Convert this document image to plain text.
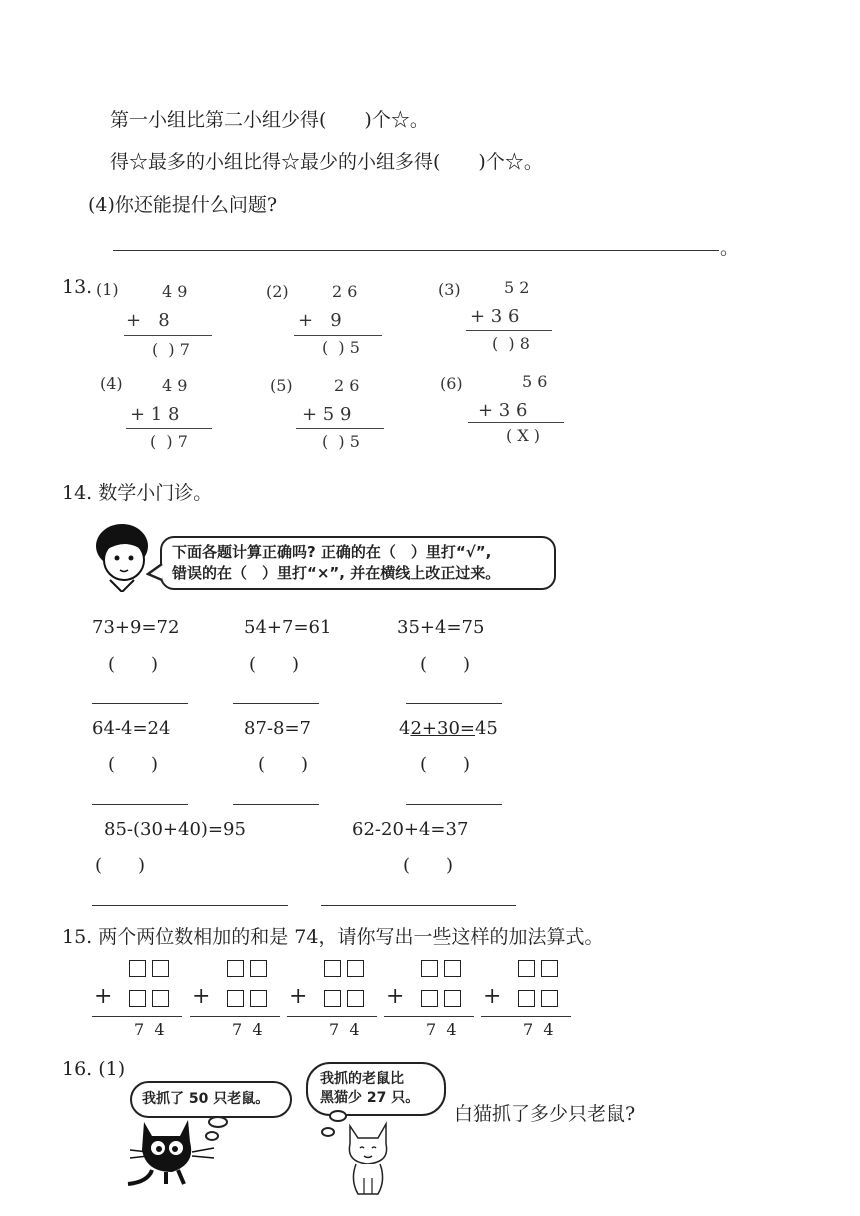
第一小组比第二小组少得(　　)个☆。
得☆最多的小组比得☆最少的小组多得(　　)个☆。
(4)你还能提什么问题?
。
13. (1)	4 9
+   8
(  ) 7
(2)	2 6
+   9
(  ) 5
(3)	5 2
+ 3 6
(  ) 8
(4) 4 9
+ 1 8
(  ) 7
(5)	2 6
+ 5 9
(  ) 5
(6)	5 6
+ 3 6
( X )
14. 数学小门诊。
下面各题计算正确吗? 正确的在（　）里打“√”,
错误的在（　）里打“×”, 并在横线上改正过来。
73+9=72	54+7=61	35+4=75
(　　)	(　　)	(　　)
64-4=24	87-8=7	42+30=45
(　　)	(　　)	(　　)
85-(30+40)=95	62-20+4=37
(　　)	(　　)
15. 两个两位数相加的和是 74，请你写出一些这样的加法算式。
+
7  4
+
7  4
+
7  4
+
7  4
+
7  4
16. (1)
我抓了 50 只老鼠。
我抓的老鼠比
黑猫少 27 只。
白猫抓了多少只老鼠?
